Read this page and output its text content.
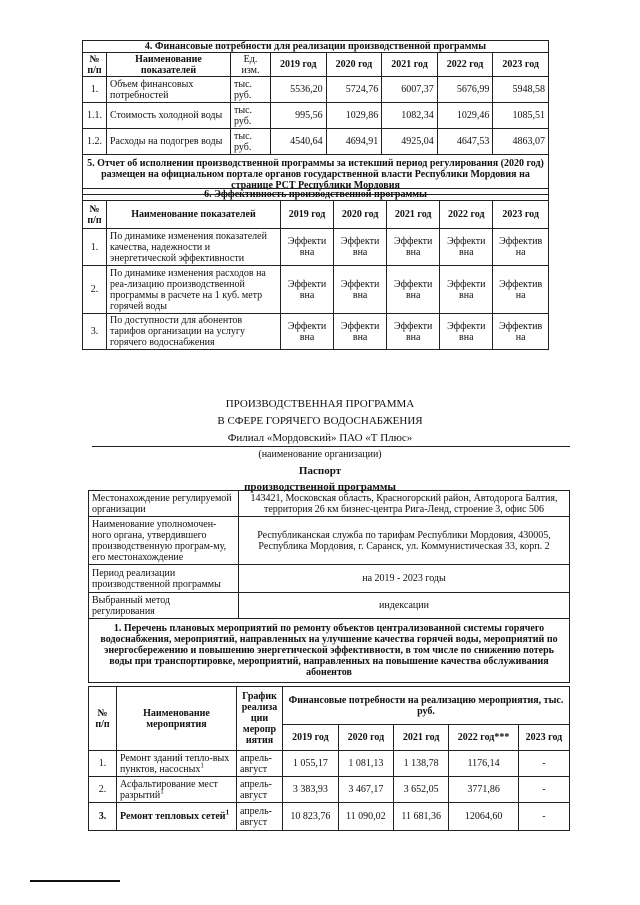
4. Финансовые потребности для реализации производственной программы							
№ п/п	Наименование показателей	Ед. изм.	2019 год	2020 год	2021 год	2022 год	2023 год
1.	Объем финансовых потребностей	тыс. руб.	5536,20	5724,76	6007,37	5676,99	5948,58
1.1.	Стоимость холодной воды	тыс. руб.	995,56	1029,86	1082,34	1029,46	1085,51
1.2.	Расходы на подогрев воды	тыс. руб.	4540,64	4694,91	4925,04	4647,53	4863,07
5. Отчет об исполнении производственной программы за истекший период регулирования (2020 год) размещен на официальном портале органов государственной власти Республики Мордовия на странице РСТ Республики Мордовия							
6. Эффективность производственной программы						
№ п/п	Наименование показателей	2019 год	2020 год	2021 год	2022 год	2023 год
1.	По динамике изменения показателей качества, надежности и энергетической эффективности	Эффекти вна	Эффекти вна	Эффекти вна	Эффекти вна	Эффектив на
2.	По динамике изменения расходов на реа-лизацию производственной программы в расчете на 1 куб. метр горячей воды	Эффекти вна	Эффекти вна	Эффекти вна	Эффекти вна	Эффектив на
3.	По доступности для абонентов тарифов организации на услугу горячего водоснабжения	Эффекти вна	Эффекти вна	Эффекти вна	Эффекти вна	Эффектив на
ПРОИЗВОДСТВЕННАЯ ПРОГРАММА
В СФЕРЕ ГОРЯЧЕГО ВОДОСНАБЖЕНИЯ
Филиал «Мордовский» ПАО «Т Плюс»
(наименование организации)
Паспорт
производственной программы
Местонахождение регулируемой организации	143421, Московская область, Красногорский район, Автодорога Балтия, территория 26 км бизнес-центра Рига-Ленд, строение 3, офис 506
Наименование уполномочен-ного органа, утвердившего производственную програм-му, его местонахождение	Республиканская служба по тарифам Республики Мордовия, 430005, Республика Мордовия, г. Саранск, ул. Коммунистическая 33, корп. 2
Период реализации производственной программы	на 2019 - 2023 годы
Выбранный метод регулирования	индексации
1. Перечень плановых мероприятий по ремонту объектов централизованной системы горячего водоснабжения, мероприятий, направленных на улучшение качества горячей воды, мероприятий по энергосбережению и повышению энергетической эффективности, в том числе по снижению потерь воды при транспортировке, мероприятий, направленных на повышение качества обслуживания абонентов	
№ п/п	Наименование мероприятия	График реализа ции меропр иятия	Финансовые потребности на реализацию мероприятия, тыс. руб.				
			2019 год	2020 год	2021 год	2022 год***	2023 год
1.	Ремонт зданий тепло-вых пунктов, насосных$^1$	апрель-август	1 055,17	1 081,13	1 138,78	1176,14	-
2.	Асфальтирование мест разрытий$^1$	апрель-август	3 383,93	3 467,17	3 652,05	3771,86	-
3.	Ремонт тепловых сетей$^1$	апрель-август	10 823,76	11 090,02	11 681,36	12064,60	-
